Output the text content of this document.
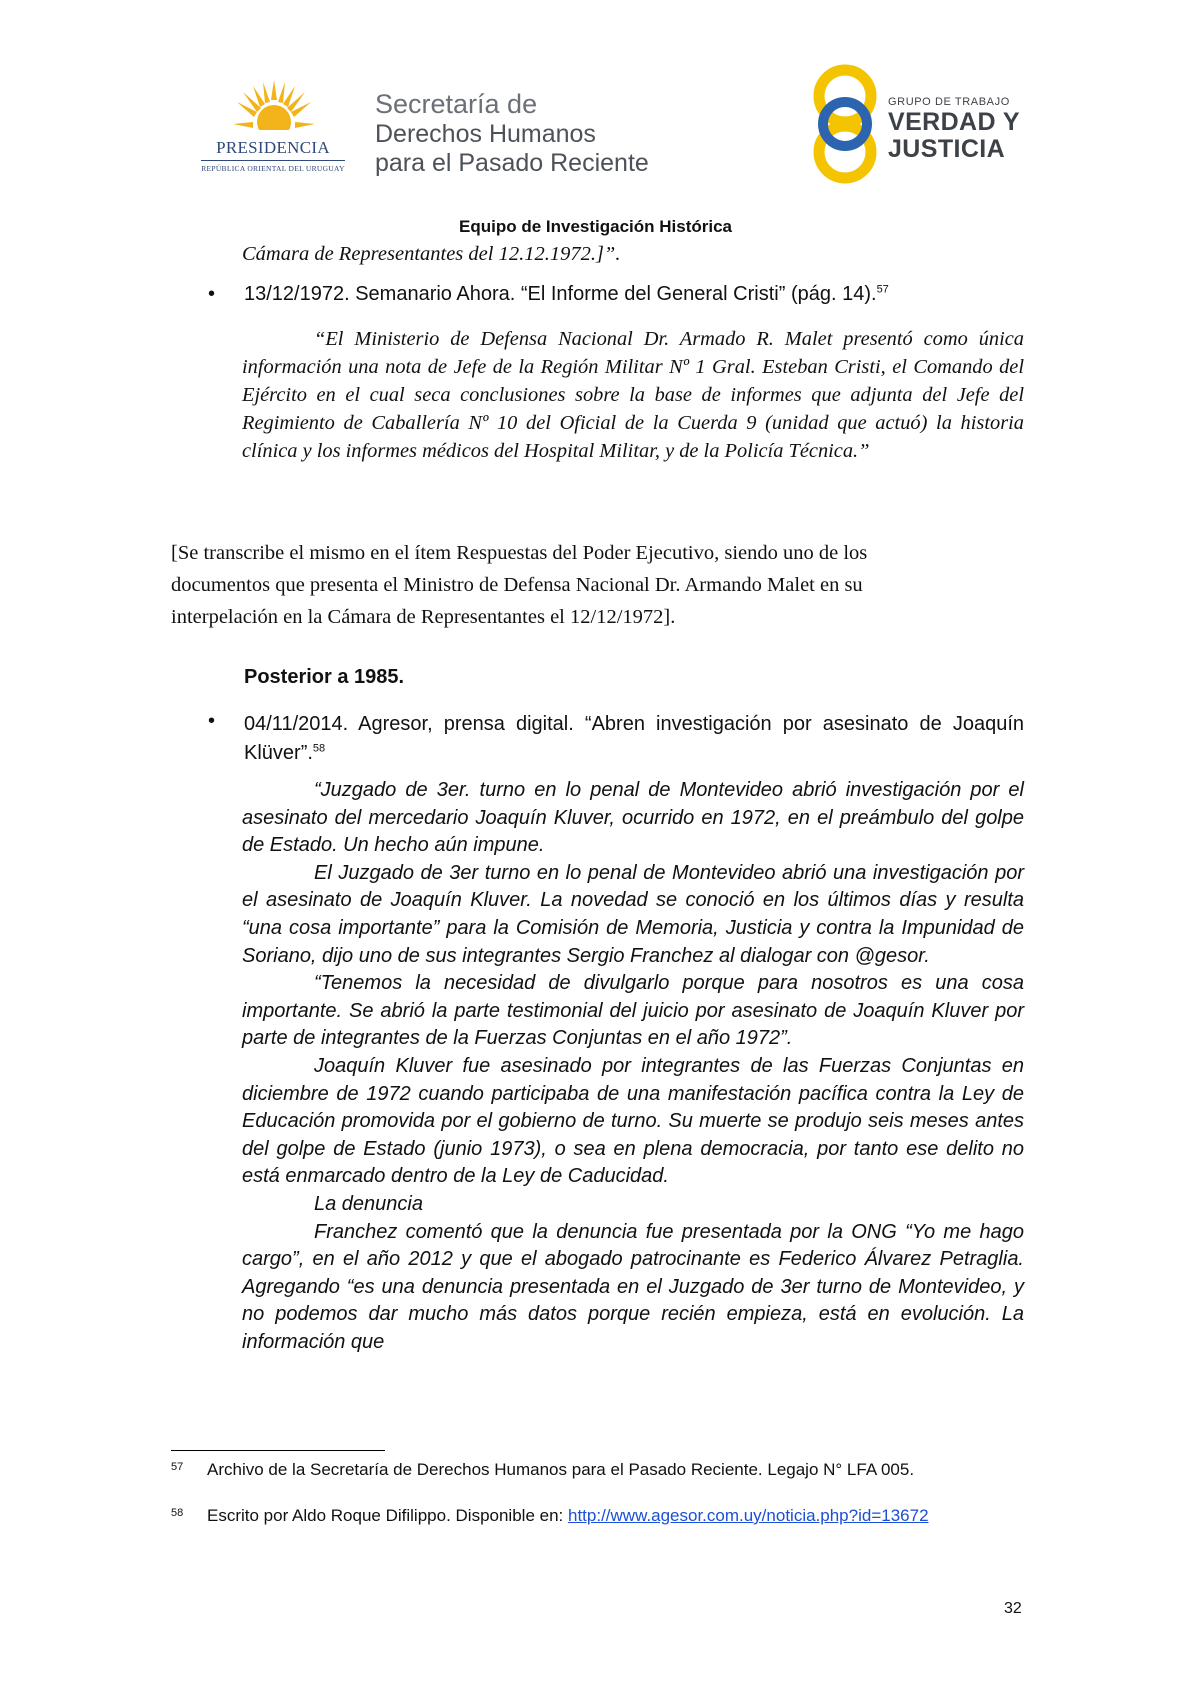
PRESIDENCIA
REPÚBLICA ORIENTAL DEL URUGUAY
Secretaría de
Derechos Humanos
para el Pasado Reciente
GRUPO DE TRABAJO
VERDAD Y
JUSTICIA
Equipo de Investigación Histórica
Cámara de Representantes del 12.12.1972.]”.
• 13/12/1972. Semanario Ahora. “El Informe del General Cristi” (pág. 14).$^{57}$

“El Ministerio de Defensa Nacional Dr. Armado R. Malet presentó como única información una nota de Jefe de la Región Militar Nº 1 Gral. Esteban Cristi, el Comando del Ejército en el cual seca conclusiones sobre la base de informes que adjunta del Jefe del Regimiento de Caballería Nº 10 del Oficial de la Cuerda 9 (unidad que actuó) la historia clínica y los informes médicos del Hospital Militar, y de la Policía Técnica.”

[Se transcribe el mismo en el ítem Respuestas del Poder Ejecutivo, siendo uno de los
documentos que presenta el Ministro de Defensa Nacional Dr. Armando Malet en su
interpelación en la Cámara de Representantes el 12/12/1972].
Posterior a 1985.
• 04/11/2014. Agresor, prensa digital. “Abren investigación por asesinato de Joaquín Klüver”.$^{58}$

“Juzgado de 3er. turno en lo penal de Montevideo abrió investigación por el asesinato del mercedario Joaquín Kluver, ocurrido en 1972, en el preámbulo del golpe de Estado. Un hecho aún impune.

El Juzgado de 3er turno en lo penal de Montevideo abrió una investigación por el asesinato de Joaquín Kluver. La novedad se conoció en los últimos días y resulta “una cosa importante” para la Comisión de Memoria, Justicia y contra la Impunidad de Soriano, dijo uno de sus integrantes Sergio Franchez al dialogar con @gesor.

“Tenemos la necesidad de divulgarlo porque para nosotros es una cosa importante. Se abrió la parte testimonial del juicio por asesinato de Joaquín Kluver por parte de integrantes de la Fuerzas Conjuntas en el año 1972”.

Joaquín Kluver fue asesinado por integrantes de las Fuerzas Conjuntas en diciembre de 1972 cuando participaba de una manifestación pacífica contra la Ley de Educación promovida por el gobierno de turno. Su muerte se produjo seis meses antes del golpe de Estado (junio 1973), o sea en plena democracia, por tanto ese delito no está enmarcado dentro de la Ley de Caducidad.

La denuncia

Franchez comentó que la denuncia fue presentada por la ONG “Yo me hago cargo”, en el año 2012 y que el abogado patrocinante es Federico Álvarez Petraglia. Agregando “es una denuncia presentada en el Juzgado de 3er turno de Montevideo, y no podemos dar mucho más datos porque recién empieza, está en evolución. La información que

57 Archivo de la Secretaría de Derechos Humanos para el Pasado Reciente. Legajo N° LFA 005.
58 Escrito por Aldo Roque Difilippo. Disponible en: http://www.agesor.com.uy/noticia.php?id=13672
32
